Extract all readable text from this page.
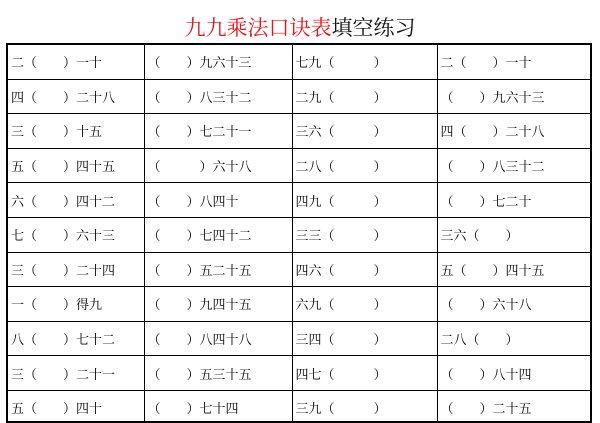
九九乘法口诀表填空练习
二（　　）一十	（　　）九六十三	七九（　　　）	二（　　）一十
四（　　）二十八	（　　）八三十二	二九（　　　）	（　　）九六十三
三（　　）十五	（　　）七二十一	三六（　　　）	四（　　）二十八
五（　　）四十五	（　　　）六十八	二八（　　　）	（　　）八三十二
六（　　）四十二	（　　）八四十	四九（　　　）	（　　）七二十
七（　　）六十三	（　　）七四十二	三三（　　　）	三六（　　）
三（　　）二十四	（　　）五二十五	四六（　　　）	五（　　）四十五
一（　　）得九	（　　）九四十五	六九（　　　）	（　　）六十八
八（　　）七十二	（　　）八四十八	三四（　　　）	二八（　　）
三（　　）二十一	（　　）五三十五	四七（　　　）	（　　）八十四
五（　　）四十	（　　）七十四	三九（　　　）	（　　）二十五
